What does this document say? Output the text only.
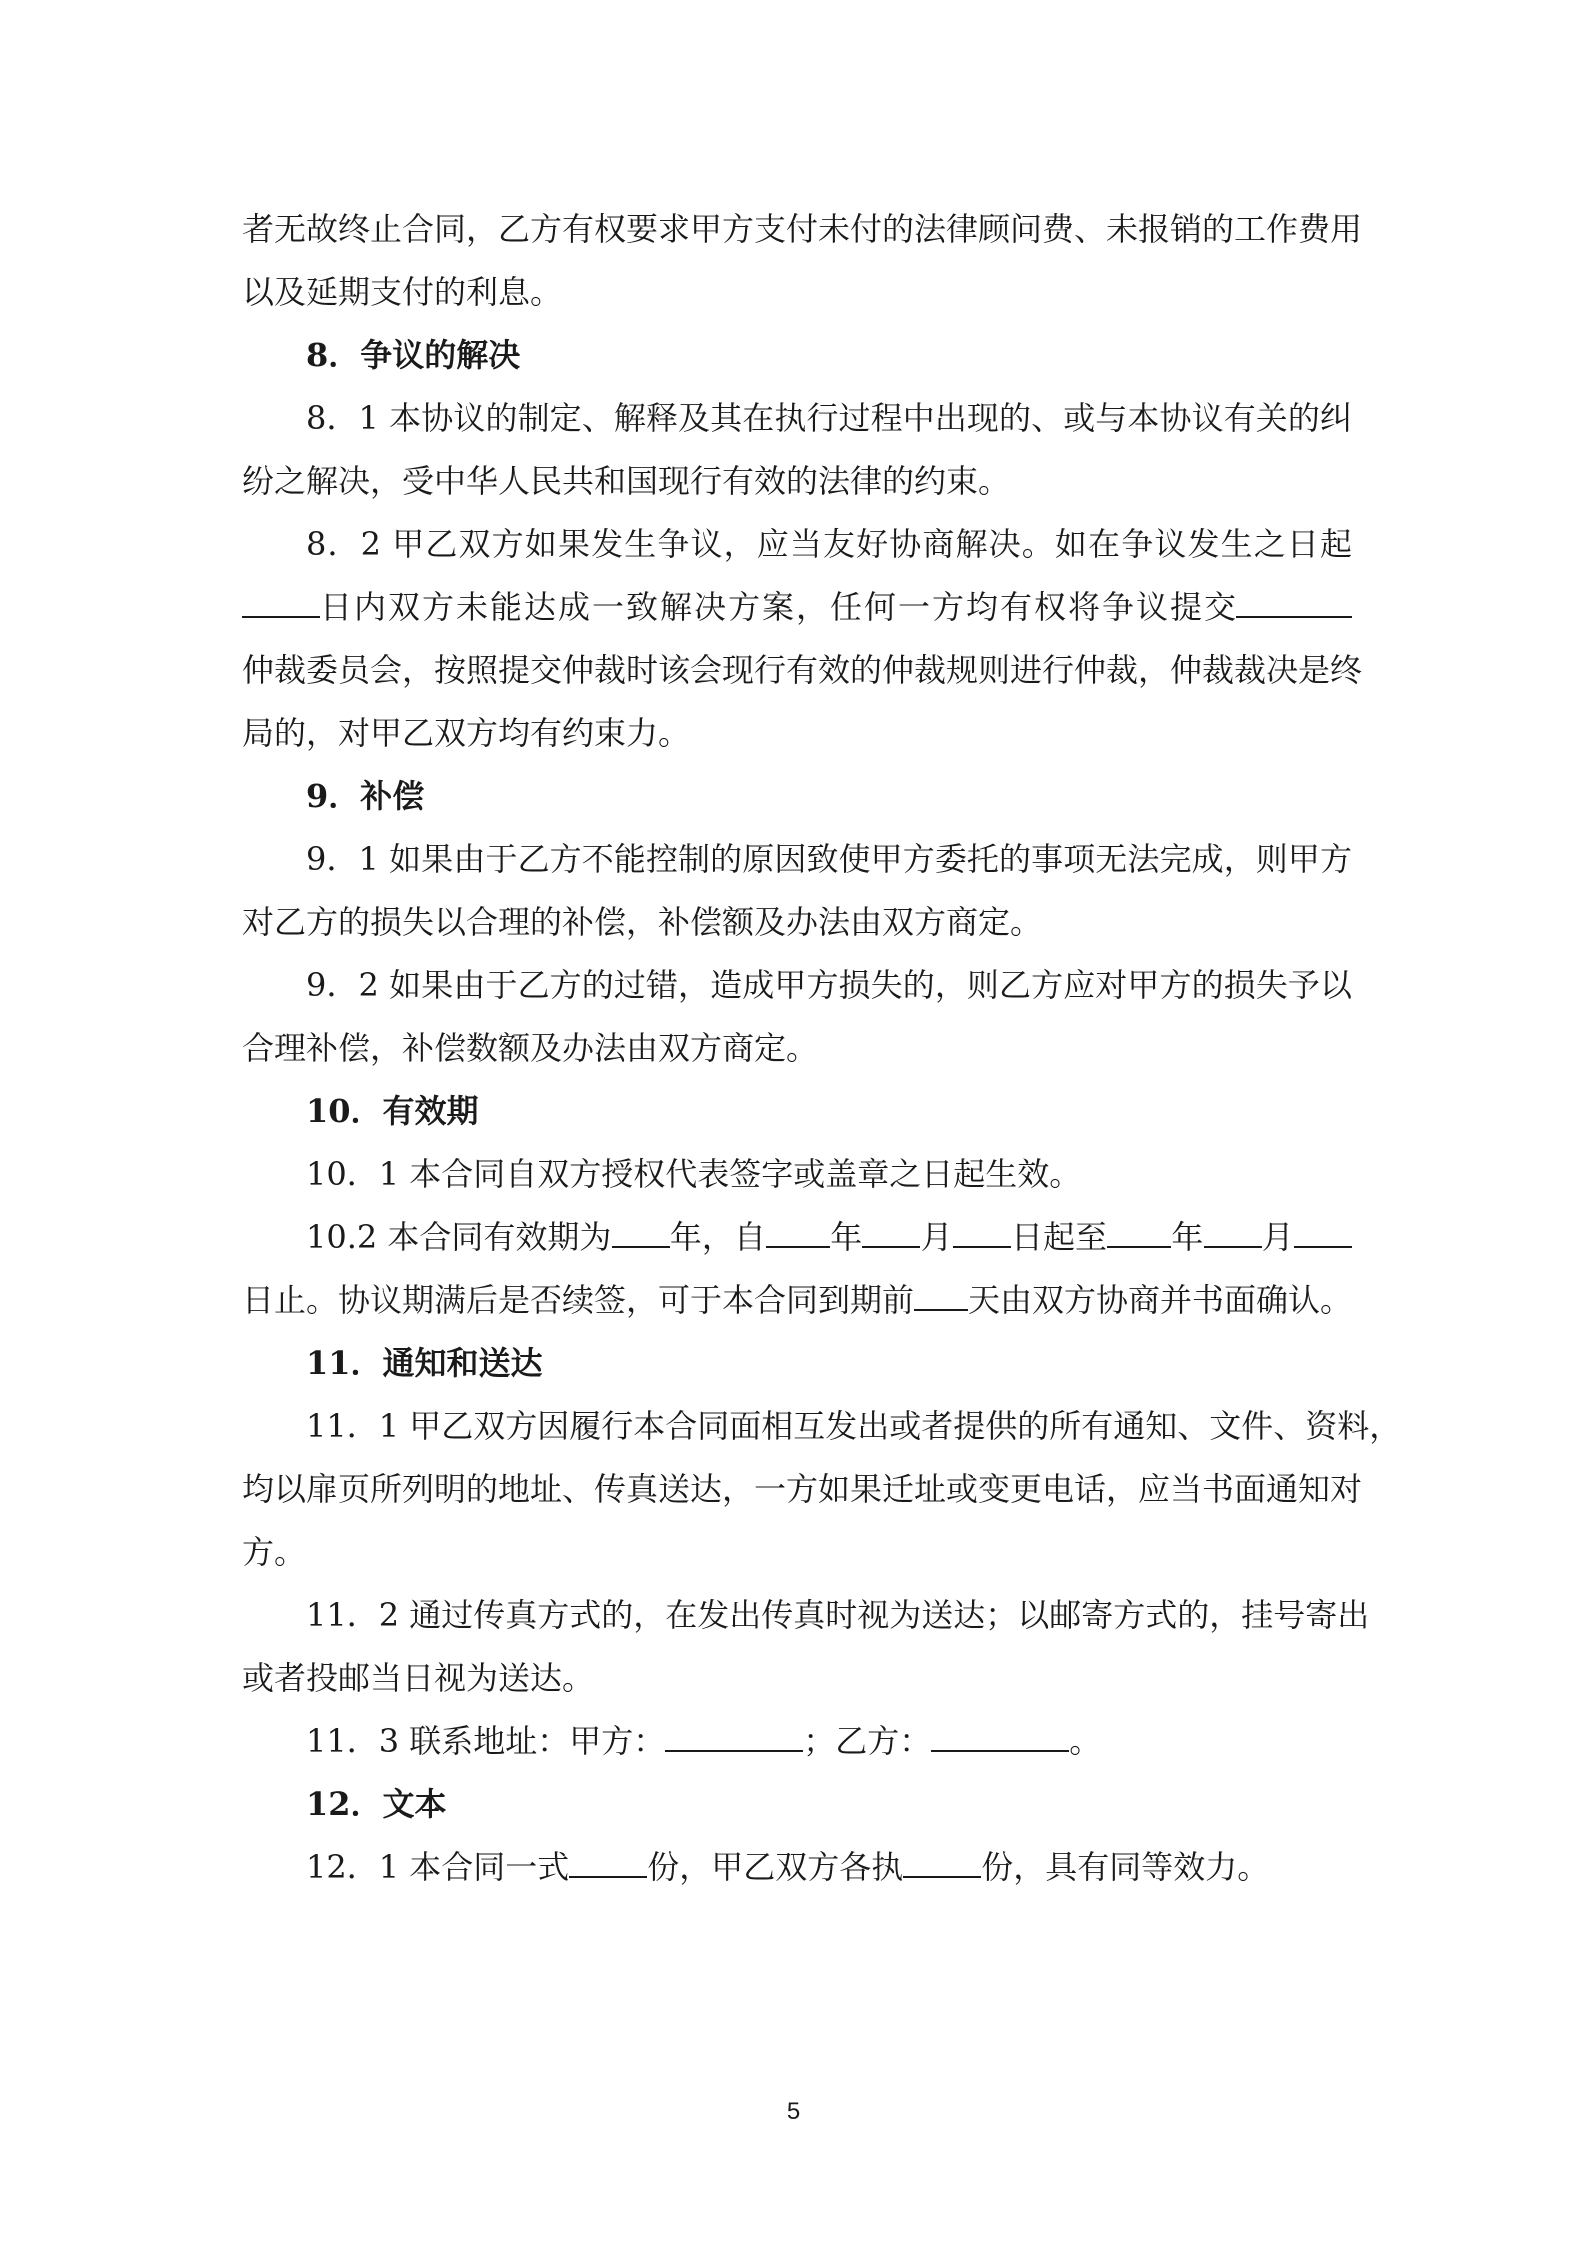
者无故终止合同，乙方有权要求甲方支付未付的法律顾问费、未报销的工作费用
以及延期支付的利息。
8．争议的解决
8．1 本协议的制定、解释及其在执行过程中出现的、或与本协议有关的纠
纷之解决，受中华人民共和国现行有效的法律的约束。
8．2 甲乙双方如果发生争议，应当友好协商解决。如在争议发生之日起
日内双方未能达成一致解决方案，任何一方均有权将争议提交
仲裁委员会，按照提交仲裁时该会现行有效的仲裁规则进行仲裁，仲裁裁决是终
局的，对甲乙双方均有约束力。
9．补偿
9．1 如果由于乙方不能控制的原因致使甲方委托的事项无法完成，则甲方
对乙方的损失以合理的补偿，补偿额及办法由双方商定。
9．2 如果由于乙方的过错，造成甲方损失的，则乙方应对甲方的损失予以
合理补偿，补偿数额及办法由双方商定。
10．有效期
10．1 本合同自双方授权代表签字或盖章之日起生效。
10.2 本合同有效期为 年，自 年 月 日起至 年 月
日止。协议期满后是否续签，可于本合同到期前 天由双方协商并书面确认。
11．通知和送达
11．1 甲乙双方因履行本合同面相互发出或者提供的所有通知、文件、资料，
均以扉页所列明的地址、传真送达，一方如果迁址或变更电话，应当书面通知对
方。
11．2 通过传真方式的，在发出传真时视为送达；以邮寄方式的，挂号寄出
或者投邮当日视为送达。
11．3 联系地址：甲方：	；乙方：	。
12．文本
12．1 本合同一式 份，甲乙双方各执 份，具有同等效力。
5
